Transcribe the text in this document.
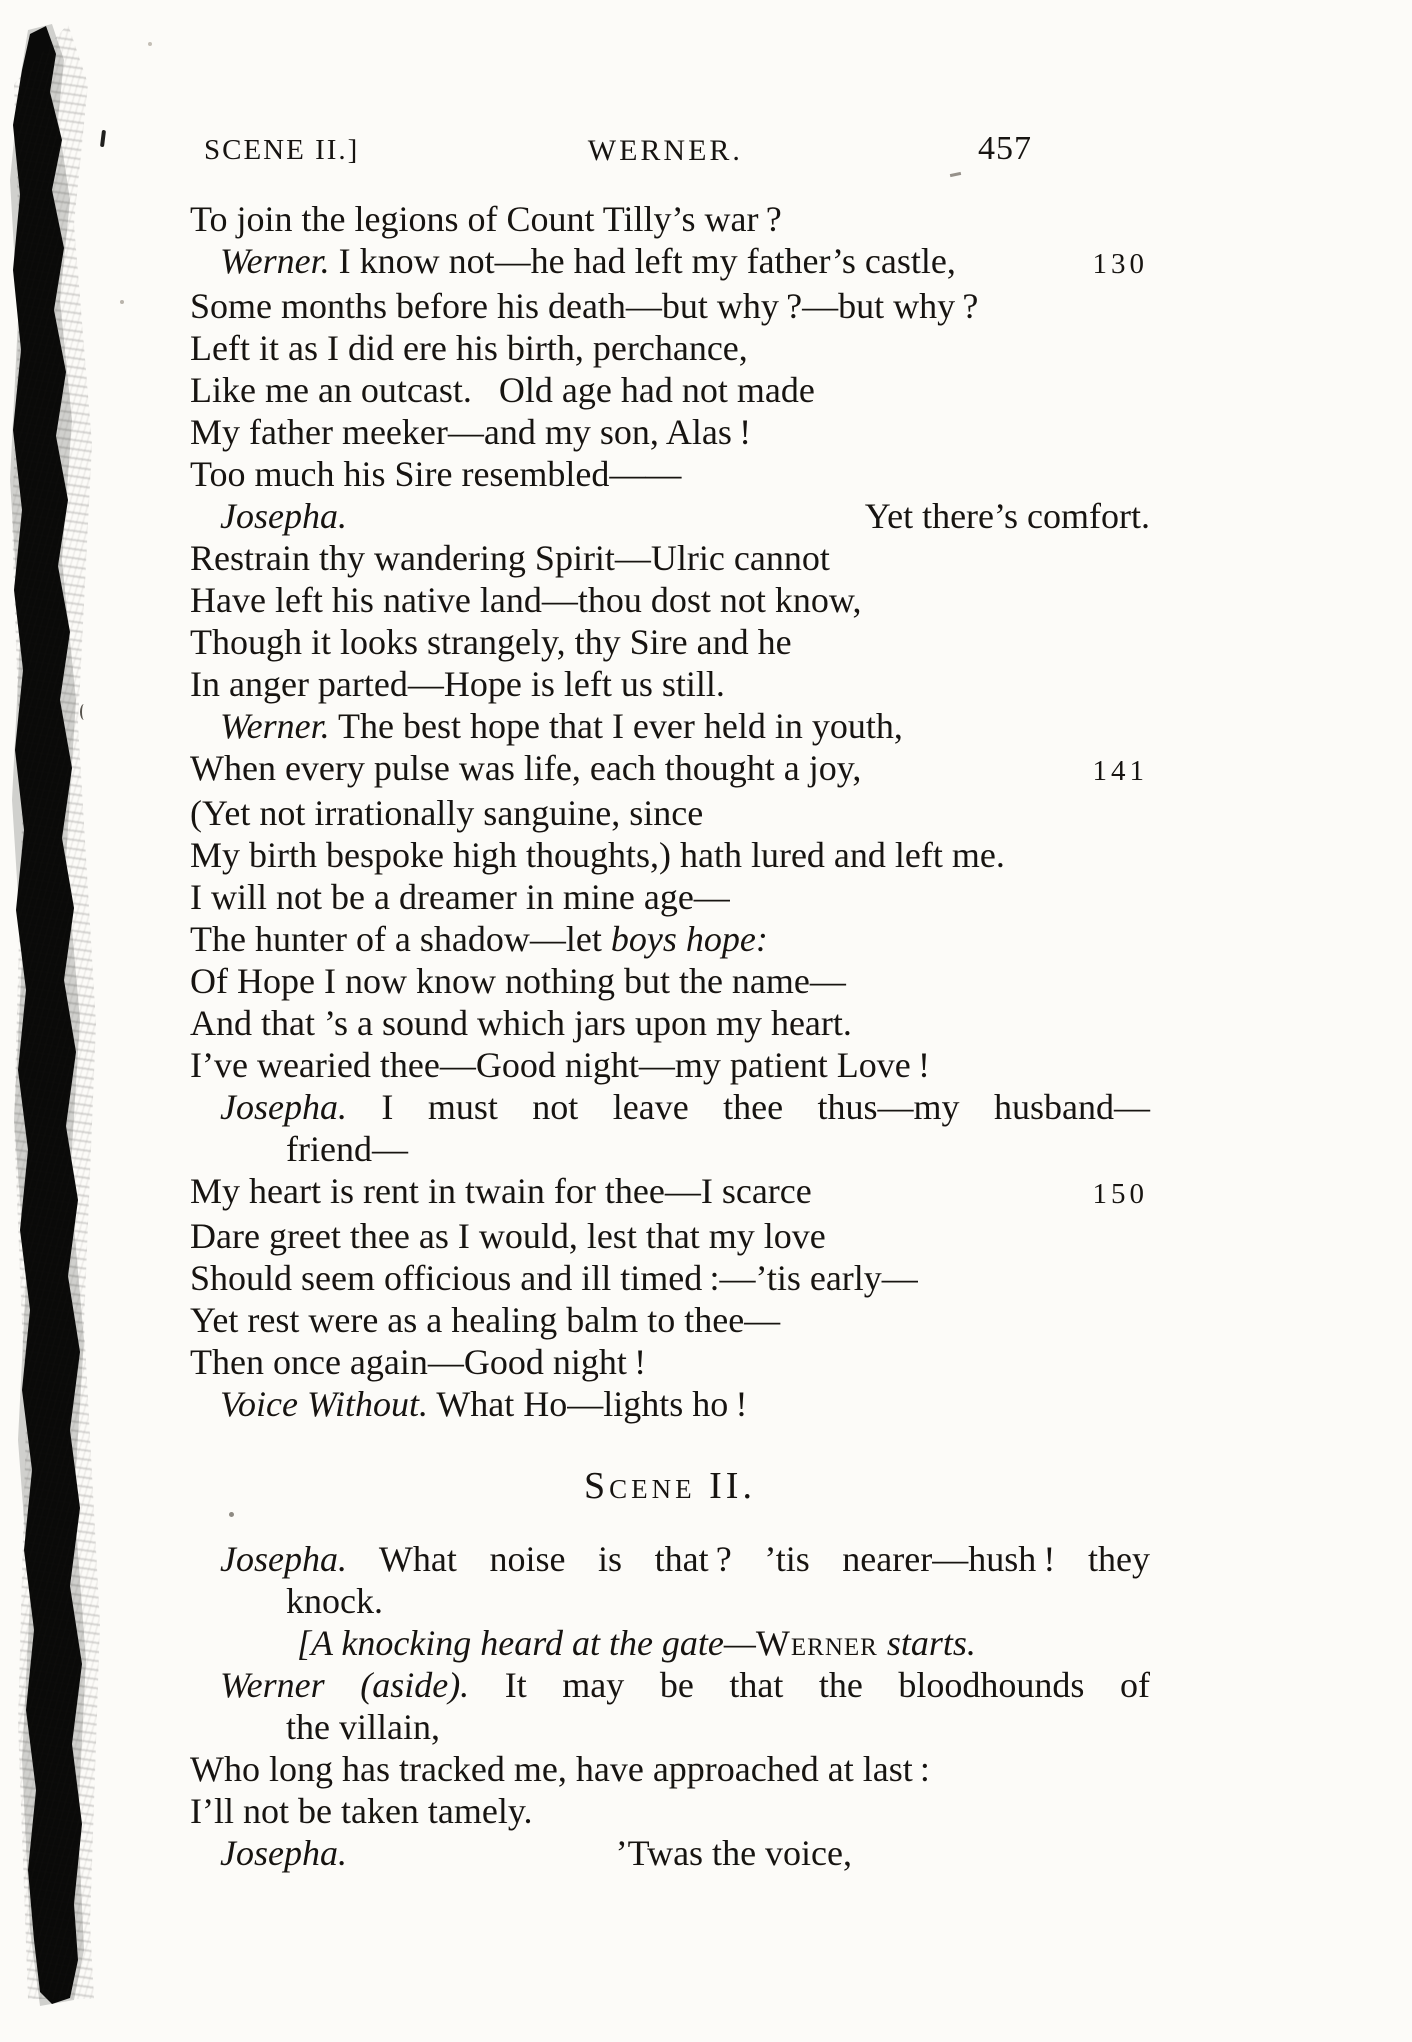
SCENE II.]	WERNER.	457
To join the legions of Count Tilly’s war ?
Werner. I know not—he had left my father’s castle,	130
Some months before his death—but why ?—but why ?
Left it as I did ere his birth, perchance,
Like me an outcast.  Old age had not made
My father meeker—and my son, Alas !
Too much his Sire resembled——
Josepha.	Yet there’s comfort.
Restrain thy wandering Spirit—Ulric cannot
Have left his native land—thou dost not know,
Though it looks strangely, thy Sire and he
In anger parted—Hope is left us still.
Werner. The best hope that I ever held in youth,
When every pulse was life, each thought a joy,	141
(Yet not irrationally sanguine, since
My birth bespoke high thoughts,) hath lured and left me.
I will not be a dreamer in mine age—
The hunter of a shadow—let boys hope:
Of Hope I now know nothing but the name—
And that ’s a sound which jars upon my heart.
I’ve wearied thee—Good night—my patient Love !
Josepha. I must not leave thee thus—my husband—
friend—
My heart is rent in twain for thee—I scarce	150
Dare greet thee as I would, lest that my love
Should seem officious and ill timed :—’tis early—
Yet rest were as a healing balm to thee—
Then once again—Good night !
Voice Without. What Ho—lights ho !
Scene II.
Josepha. What noise is that ? ’tis nearer—hush ! they
knock.
[A knocking heard at the gate—Werner starts.
Werner (aside). It may be that the bloodhounds of
the villain,
Who long has tracked me, have approached at last :
I’ll not be taken tamely.
Josepha.	’Twas the voice,
